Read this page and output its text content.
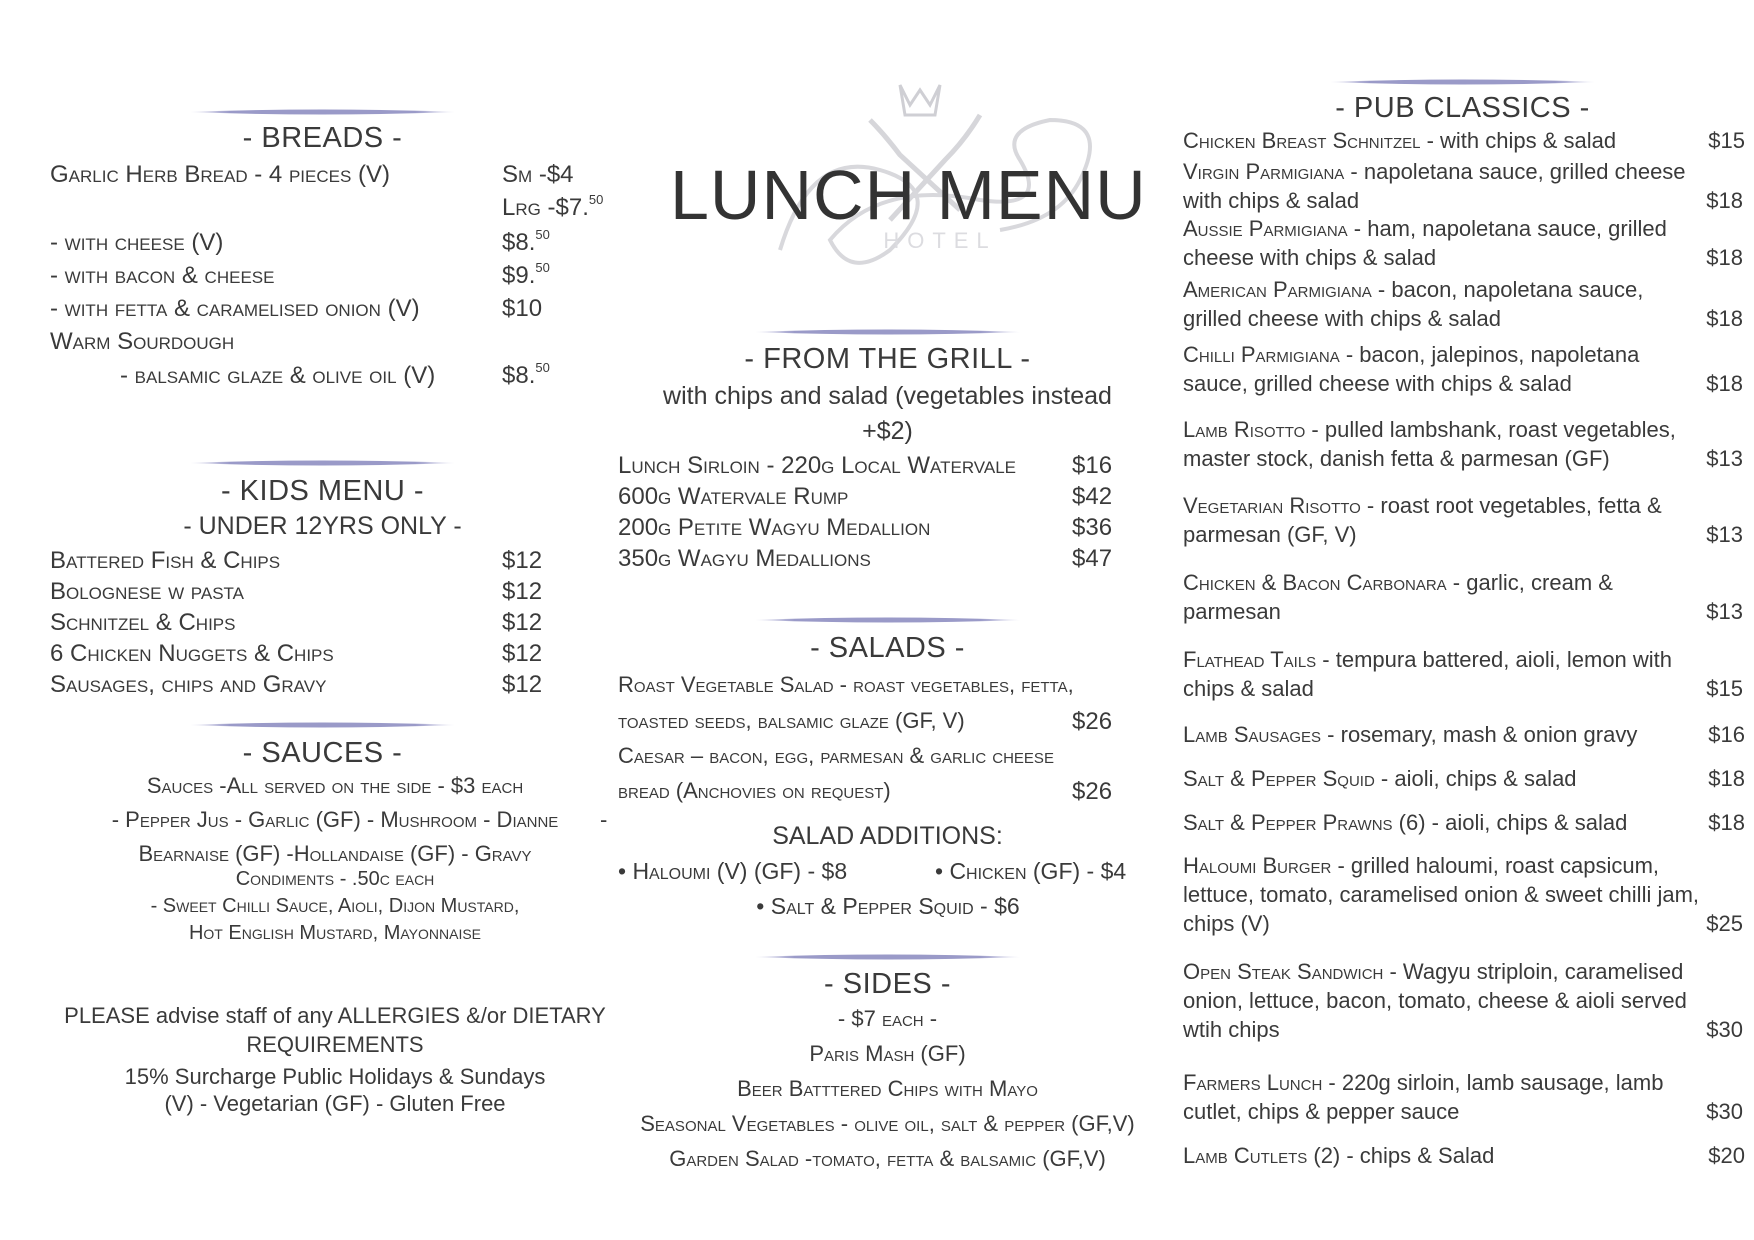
- BREADS -
Garlic Herb Bread - 4 pieces (V)	Sm -$4
Lrg -$7.50
- with cheese (V)	$8.50
- with bacon & cheese	$9.50
- with fetta & caramelised onion (V)	$10
Warm Sourdough
- balsamic glaze & olive oil (V)	$8.50
- KIDS MENU -
- UNDER 12YRS ONLY -
Battered Fish & Chips	$12
Bolognese w pasta	$12
Schnitzel & Chips	$12
6 Chicken Nuggets & Chips	$12
Sausages, chips and Gravy	$12
- SAUCES -
Sauces -All served on the side - $3 each
- Pepper Jus - Garlic (GF) - Mushroom - Dianne	-
Bearnaise (GF) -Hollandaise (GF) - Gravy
Condiments - .50c each
- Sweet Chilli Sauce, Aioli, Dijon Mustard,
Hot English Mustard, Mayonnaise
PLEASE advise staff of any ALLERGIES &/or DIETARY
REQUIREMENTS
15% Surcharge Public Holidays & Sundays
(V) - Vegetarian (GF) - Gluten Free
HOTEL
LUNCH MENU
- FROM THE GRILL -
with chips and salad (vegetables instead
+$2)
Lunch Sirloin - 220g Local Watervale $16
600g Watervale Rump	$42
200g Petite Wagyu Medallion	$36
350g Wagyu Medallions	$47
- SALADS -
Roast Vegetable Salad - roast vegetables, fetta,
toasted seeds, balsamic glaze (GF, V)	$26
Caesar – bacon, egg, parmesan & garlic cheese
bread (Anchovies on request)	$26
SALAD ADDITIONS:
• Haloumi (V) (GF) - $8	• Chicken (GF) - $4
• Salt & Pepper Squid - $6
- SIDES -
- $7 each -
Paris Mash (GF)
Beer Batttered Chips with Mayo
Seasonal Vegetables - olive oil, salt & pepper (GF,V)
Garden Salad -tomato, fetta & balsamic (GF,V)
- PUB CLASSICS -
Chicken Breast Schnitzel - with chips & salad	$15
Virgin Parmigiana - napoletana sauce, grilled cheese
with chips & salad	$18
Aussie Parmigiana - ham, napoletana sauce, grilled
cheese with chips & salad	$18
American Parmigiana - bacon, napoletana sauce,
grilled cheese with chips & salad	$18
Chilli Parmigiana - bacon, jalepinos, napoletana
sauce, grilled cheese with chips & salad	$18
Lamb Risotto - pulled lambshank, roast vegetables,
master stock, danish fetta & parmesan (GF)	$13
Vegetarian Risotto - roast root vegetables, fetta &
parmesan (GF, V)	$13
Chicken & Bacon Carbonara - garlic, cream &
parmesan	$13
Flathead Tails - tempura battered, aioli, lemon with
chips & salad	$15
Lamb Sausages - rosemary, mash & onion gravy	$16
Salt & Pepper Squid - aioli, chips & salad	$18
Salt & Pepper Prawns (6) - aioli, chips & salad	$18
Haloumi Burger - grilled haloumi, roast capsicum,
lettuce, tomato, caramelised onion & sweet chilli jam,
chips (V)	$25
Open Steak Sandwich - Wagyu striploin, caramelised
onion, lettuce, bacon, tomato, cheese & aioli served
wtih chips	$30
Farmers Lunch - 220g sirloin, lamb sausage, lamb
cutlet, chips & pepper sauce	$30
Lamb Cutlets (2) - chips & Salad	$20
